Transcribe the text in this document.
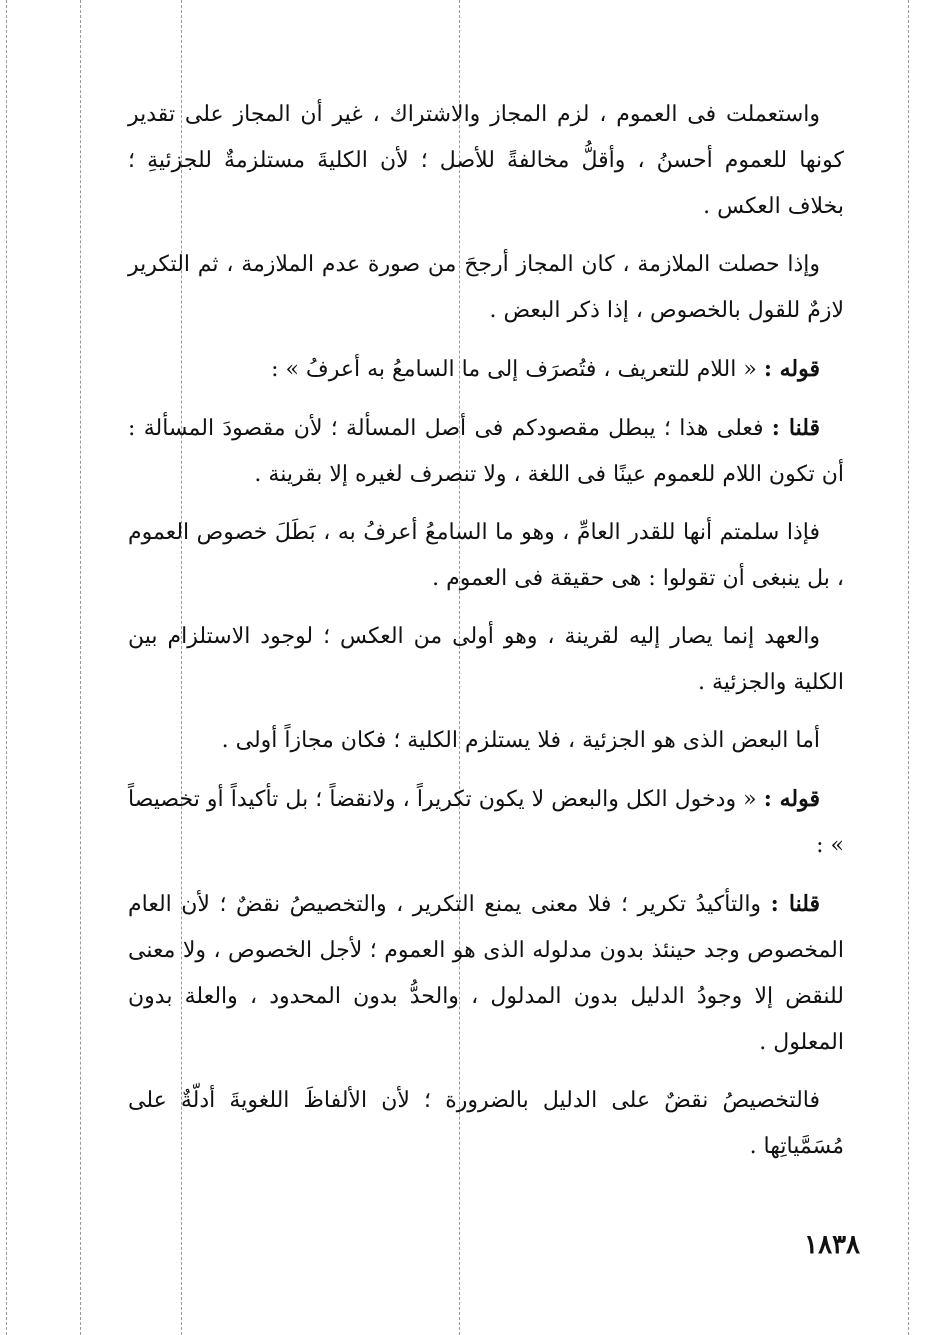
واستعملت فى العموم ، لزم المجاز والاشتراك ، غير أن المجاز على تقدير كونها للعموم أحسنُ ، وأقلُّ مخالفةً للأصل ؛ لأن الكليةَ مستلزمةٌ للجزئيةِ ؛ بخلاف العكس .

وإذا حصلت الملازمة ، كان المجاز أرجحَ من صورة عدم الملازمة ، ثم التكرير لازمٌ للقول بالخصوص ، إذا ذكر البعض .

قوله : « اللام للتعريف ، فتُصرَف إلى ما السامعُ به أعرفُ » :

قلنا : فعلى هذا ؛ يبطل مقصودكم فى أصل المسألة ؛ لأن مقصودَ المسألة : أن تكون اللام للعموم عينًا فى اللغة ، ولا تنصرف لغيره إلا بقرينة .

فإذا سلمتم أنها للقدر العامِّ ، وهو ما السامعُ أعرفُ به ، بَطَلَ خصوص العموم ، بل ينبغى أن تقولوا : هى حقيقة فى العموم .

والعهد إنما يصار إليه لقرينة ، وهو أولى من العكس ؛ لوجود الاستلزام بين الكلية والجزئية .

أما البعض الذى هو الجزئية ، فلا يستلزم الكلية ؛ فكان مجازاً أولى .

قوله : « ودخول الكل والبعض لا يكون تكريراً ، ولانقضاً ؛ بل تأكيداً أو تخصيصاً » :

قلنا : والتأكيدُ تكرير ؛ فلا معنى يمنع التكرير ، والتخصيصُ نقضٌ ؛ لأن العام المخصوص وجد حينئذ بدون مدلوله الذى هو العموم ؛ لأجل الخصوص ، ولا معنى للنقض إلا وجودُ الدليل بدون المدلول ، والحدُّ بدون المحدود ، والعلة بدون المعلول .

فالتخصيصُ نقضٌ على الدليل بالضرورة ؛ لأن الألفاظَ اللغويةَ أدلّةٌ على مُسَمَّياتِها .

١٨٣٨
